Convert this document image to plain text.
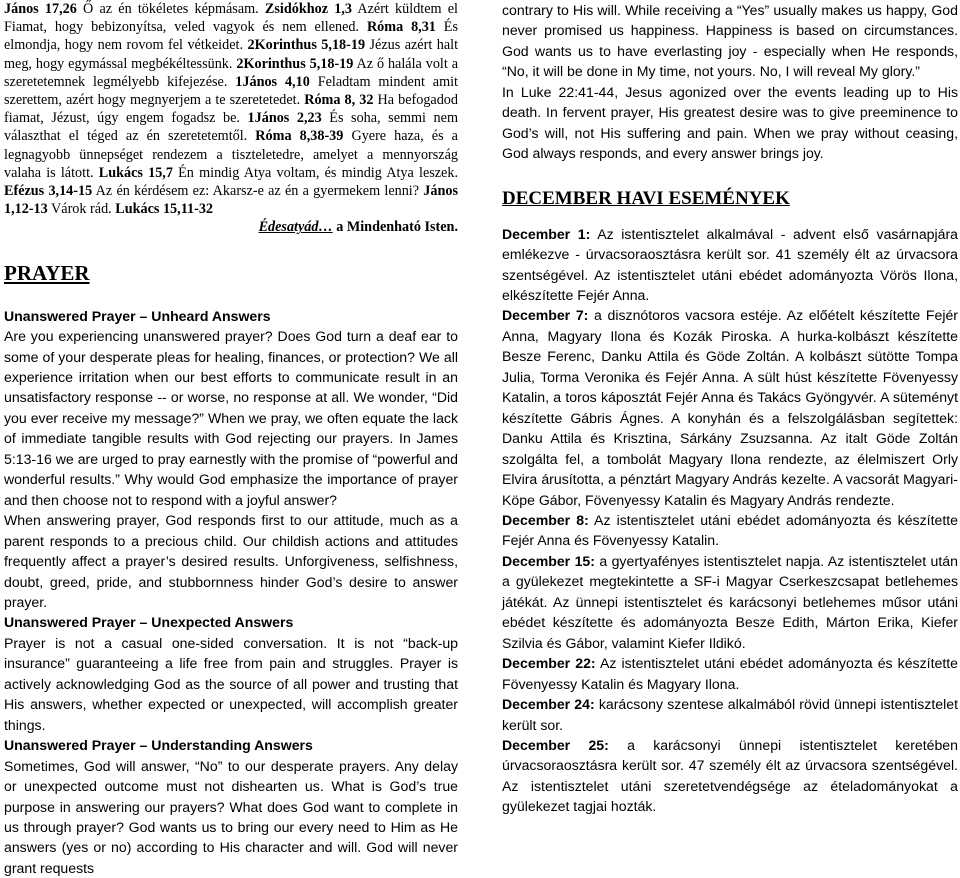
János 17,26 Ő az én tökéletes képmásam. Zsidókhoz 1,3 Azért küldtem el Fiamat, hogy bebizonyítsa, veled vagyok és nem ellened. Róma 8,31 És elmondja, hogy nem rovom fel vétkeidet. 2Korinthus 5,18-19 Jézus azért halt meg, hogy egymással megbékéltessünk. 2Korinthus 5,18-19 Az ő halála volt a szeretetemnek legmélyebb kifejezése. 1János 4,10 Feladtam mindent amit szerettem, azért hogy megnyerjem a te szeretetedet. Róma 8, 32 Ha befogadod fiamat, Jézust, úgy engem fogadsz be. 1János 2,23 És soha, semmi nem választhat el téged az én szeretetemtől. Róma 8,38-39 Gyere haza, és a legnagyobb ünnepséget rendezem a tiszteletedre, amelyet a mennyország valaha is látott. Lukács 15,7 Én mindig Atya voltam, és mindig Atya leszek. Efézus 3,14-15 Az én kérdésem ez: Akarsz-e az én a gyermekem lenni? János 1,12-13 Várok rád. Lukács 15,11-32

Édesatyád… a Mindenható Isten.

PRAYER

Unanswered Prayer – Unheard Answers

Are you experiencing unanswered prayer? Does God turn a deaf ear to some of your desperate pleas for healing, finances, or protection? We all experience irritation when our best efforts to communicate result in an unsatisfactory response -- or worse, no response at all. We wonder, “Did you ever receive my message?” When we pray, we often equate the lack of immediate tangible results with God rejecting our prayers. In James 5:13-16 we are urged to pray earnestly with the promise of “powerful and wonderful results.” Why would God emphasize the importance of prayer and then choose not to respond with a joyful answer?

When answering prayer, God responds first to our attitude, much as a parent responds to a precious child. Our childish actions and attitudes frequently affect a prayer’s desired results. Unforgiveness, selfishness, doubt, greed, pride, and stubbornness hinder God’s desire to answer prayer.

Unanswered Prayer – Unexpected Answers

Prayer is not a casual one-sided conversation. It is not “back-up insurance” guaranteeing a life free from pain and struggles. Prayer is actively acknowledging God as the source of all power and trusting that His answers, whether expected or unexpected, will accomplish greater things.

Unanswered Prayer – Understanding Answers

Sometimes, God will answer, “No” to our desperate prayers. Any delay or unexpected outcome must not dishearten us. What is God’s true purpose in answering our prayers? What does God want to complete in us through prayer? God wants us to bring our every need to Him as He answers (yes or no) according to His character and will. God will never grant requests

contrary to His will. While receiving a “Yes” usually makes us happy, God never promised us happiness. Happiness is based on circumstances. God wants us to have everlasting joy - especially when He responds, “No, it will be done in My time, not yours. No, I will reveal My glory.”

In Luke 22:41-44, Jesus agonized over the events leading up to His death. In fervent prayer, His greatest desire was to give preeminence to God’s will, not His suffering and pain. When we pray without ceasing, God always responds, and every answer brings joy.

DECEMBER HAVI ESEMÉNYEK

December 1: Az istentisztelet alkalmával - advent első vasárnapjára emlékezve - úrvacsoraosztásra került sor. 41 személy élt az úrvacsora szentségével. Az istentisztelet utáni ebédet adományozta Vörös Ilona, elkészítette Fejér Anna.

December 7: a disznótoros vacsora estéje. Az előételt készítette Fejér Anna, Magyary Ilona és Kozák Piroska. A hurka-kolbászt készítette Besze Ferenc, Danku Attila és Göde Zoltán. A kolbászt sütötte Tompa Julia, Torma Veronika és Fejér Anna. A sült húst készítette Fövenyessy Katalin, a toros káposztát Fejér Anna és Takács Gyöngyvér. A süteményt készítette Gábris Ágnes. A konyhán és a felszolgálásban segítettek: Danku Attila és Krisztina, Sárkány Zsuzsanna. Az italt Göde Zoltán szolgálta fel, a tombolát Magyary Ilona rendezte, az élelmiszert Orly Elvira árusította, a pénztárt Magyary András kezelte. A vacsorát Magyari-Köpe Gábor, Fövenyessy Katalin és Magyary András rendezte.

December 8: Az istentisztelet utáni ebédet adományozta és készítette Fejér Anna és Fövenyessy Katalin.

December 15: a gyertyafényes istentisztelet napja. Az istentisztelet után a gyülekezet megtekintette a SF-i Magyar Cserkeszcsapat betlehemes játékát. Az ünnepi istentisztelet és karácsonyi betlehemes műsor utáni ebédet készítette és adományozta Besze Edith, Márton Erika, Kiefer Szilvia és Gábor, valamint Kiefer Ildikó.

December 22: Az istentisztelet utáni ebédet adományozta és készítette Fövenyessy Katalin és Magyary Ilona.

December 24: karácsony szentese alkalmából rövid ünnepi istentisztelet került sor.

December 25: a karácsonyi ünnepi istentisztelet keretében úrvacsoraosztásra került sor. 47 személy élt az úrvacsora szentségével. Az istentisztelet utáni szeretetvendégsége az ételadományokat a gyülekezet tagjai hozták.
